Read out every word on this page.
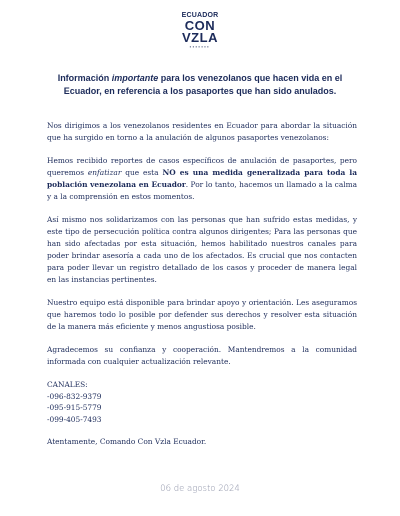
ECUADOR
CON
VZLA
▪▪▪▪▪▪▪
Información importante para los venezolanos que hacen vida en el Ecuador, en referencia a los pasaportes que han sido anulados.

Nos dirigimos a los venezolanos residentes en Ecuador para abordar la situación que ha surgido en torno a la anulación de algunos pasaportes venezolanos:

Hemos recibido reportes de casos específicos de anulación de pasaportes, pero queremos enfatizar que esta NO es una medida generalizada para toda la población venezolana en Ecuador. Por lo tanto, hacemos un llamado a la calma y a la comprensión en estos momentos.

Así mismo nos solidarizamos con las personas que han sufrido estas medidas, y este tipo de persecución política contra algunos dirigentes; Para las personas que han sido afectadas por esta situación, hemos habilitado nuestros canales para poder brindar asesoría a cada uno de los afectados. Es crucial que nos contacten para poder llevar un registro detallado de los casos y proceder de manera legal en las instancias pertinentes.

Nuestro equipo está disponible para brindar apoyo y orientación. Les aseguramos que haremos todo lo posible por defender sus derechos y resolver esta situación de la manera más eficiente y menos angustiosa posible.

Agradecemos su confianza y cooperación. Mantendremos a la comunidad informada con cualquier actualización relevante.

CANALES:
-096-832-9379
-095-915-5779
-099-405-7493

Atentamente, Comando Con Vzla Ecuador.

06 de agosto 2024
